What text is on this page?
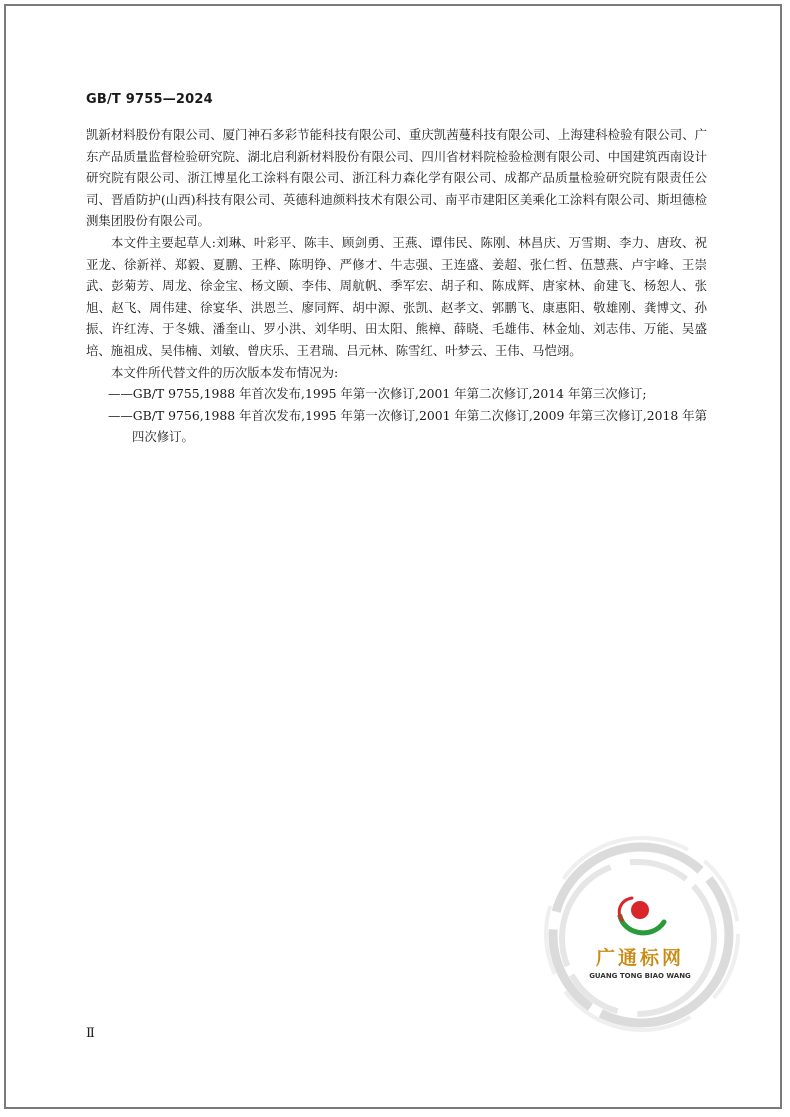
GB/T 9755—2024

凯新材料股份有限公司、厦门神石多彩节能科技有限公司、重庆凯茜蔓科技有限公司、上海建科检验有限公司、广东产品质量监督检验研究院、湖北启利新材料股份有限公司、四川省材料院检验检测有限公司、中国建筑西南设计研究院有限公司、浙江博星化工涂料有限公司、浙江科力森化学有限公司、成都产品质量检验研究院有限责任公司、晋盾防护(山西)科技有限公司、英德科迪颜料技术有限公司、南平市建阳区美乘化工涂料有限公司、斯坦德检测集团股份有限公司。

本文件主要起草人:刘琳、叶彩平、陈丰、顾剑勇、王燕、谭伟民、陈刚、林昌庆、万雪期、李力、唐玫、祝亚龙、徐新祥、郑毅、夏鹏、王桦、陈明铮、严修才、牛志强、王连盛、姜超、张仁哲、伍慧燕、卢宇峰、王崇武、彭菊芳、周龙、徐金宝、杨文颐、李伟、周航帆、季军宏、胡子和、陈成辉、唐家林、俞建飞、杨恕人、张旭、赵飞、周伟建、徐宴华、洪恩兰、廖同辉、胡中源、张凯、赵孝文、郭鹏飞、康惠阳、敬雄刚、龚博文、孙振、许红涛、于冬娥、潘奎山、罗小洪、刘华明、田太阳、熊樟、薛晓、毛雄伟、林金灿、刘志伟、万能、吴盛培、施祖成、吴伟楠、刘敏、曾庆乐、王君瑞、吕元林、陈雪红、叶梦云、王伟、马恺翊。

本文件所代替文件的历次版本发布情况为:

——GB/T 9755,1988 年首次发布,1995 年第一次修订,2001 年第二次修订,2014 年第三次修订;

——GB/T 9756,1988 年首次发布,1995 年第一次修订,2001 年第二次修订,2009 年第三次修订,2018 年第四次修订。

广通标网
GUANG TONG BIAO WANG
Ⅱ
